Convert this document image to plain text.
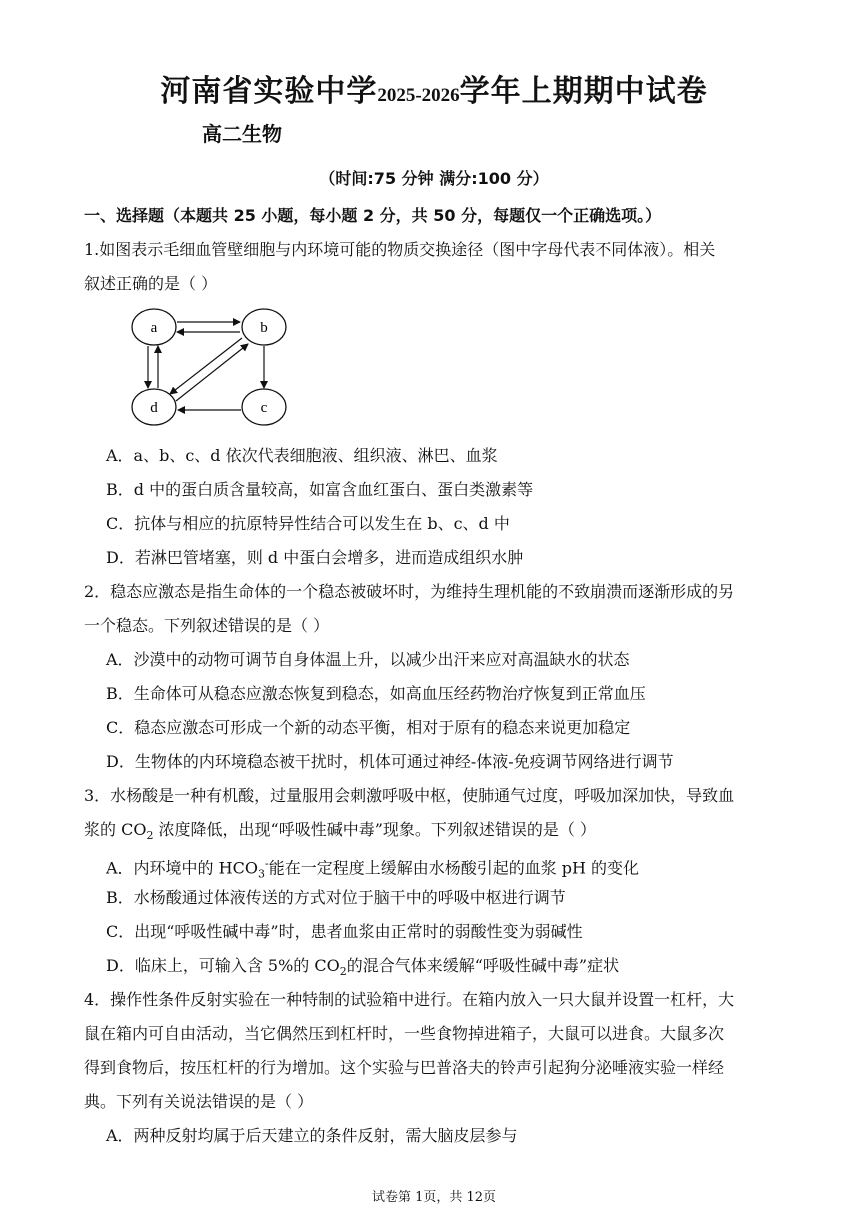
河南省实验中学2025-2026学年上期期中试卷
高二生物
（时间:75 分钟 满分:100 分）
一、选择题（本题共 25 小题，每小题 2 分，共 50 分，每题仅一个正确选项。）
1.如图表示毛细血管壁细胞与内环境可能的物质交换途径（图中字母代表不同体液）。相关
叙述正确的是（ ）
a	b
c
d
A．a、b、c、d 依次代表细胞液、组织液、淋巴、血浆
B．d 中的蛋白质含量较高，如富含血红蛋白、蛋白类激素等
C．抗体与相应的抗原特异性结合可以发生在 b、c、d 中
D．若淋巴管堵塞，则 d 中蛋白会增多，进而造成组织水肿
2．稳态应激态是指生命体的一个稳态被破坏时，为维持生理机能的不致崩溃而逐渐形成的另
一个稳态。下列叙述错误的是（ ）
A．沙漠中的动物可调节自身体温上升，以减少出汗来应对高温缺水的状态
B．生命体可从稳态应激态恢复到稳态，如高血压经药物治疗恢复到正常血压
C．稳态应激态可形成一个新的动态平衡，相对于原有的稳态来说更加稳定
D．生物体的内环境稳态被干扰时，机体可通过神经-体液-免疫调节网络进行调节
3．水杨酸是一种有机酸，过量服用会刺激呼吸中枢，使肺通气过度，呼吸加深加快，导致血
浆的 $CO_2$ 浓度降低，出现“呼吸性碱中毒”现象。下列叙述错误的是（ ）
A．内环境中的 $HCO_3^-$能在一定程度上缓解由水杨酸引起的血浆 pH 的变化
B．水杨酸通过体液传送的方式对位于脑干中的呼吸中枢进行调节
C．出现“呼吸性碱中毒”时，患者血浆由正常时的弱酸性变为弱碱性
D．临床上，可输入含 5%的 $CO_2$的混合气体来缓解“呼吸性碱中毒”症状
4．操作性条件反射实验在一种特制的试验箱中进行。在箱内放入一只大鼠并设置一杠杆，大
鼠在箱内可自由活动，当它偶然压到杠杆时，一些食物掉进箱子，大鼠可以进食。大鼠多次
得到食物后，按压杠杆的行为增加。这个实验与巴普洛夫的铃声引起狗分泌唾液实验一样经
典。下列有关说法错误的是（ ）
A．两种反射均属于后天建立的条件反射，需大脑皮层参与
试卷第 1页，共 12页
